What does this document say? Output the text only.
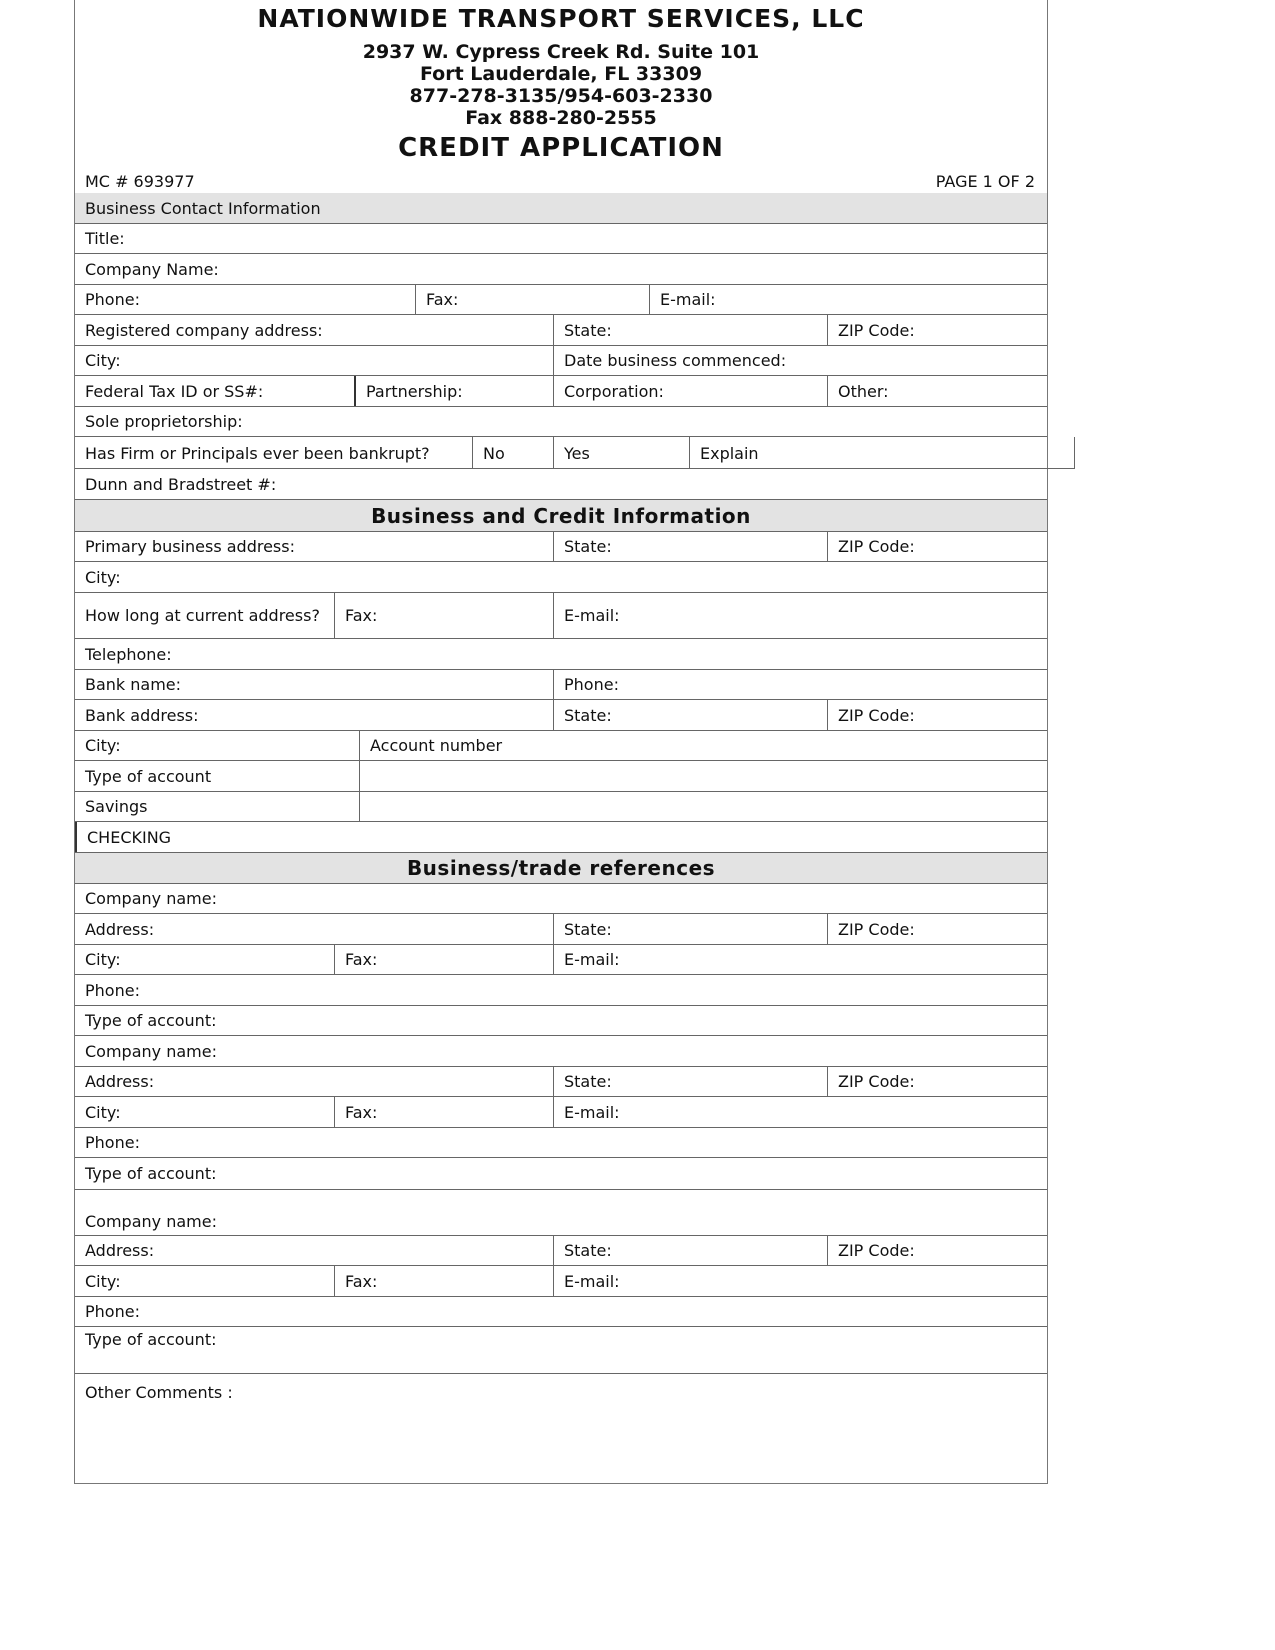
NATIONWIDE TRANSPORT SERVICES, LLC
2937 W. Cypress Creek Rd. Suite 101
Fort Lauderdale, FL 33309
877-278-3135/954-603-2330
Fax 888-280-2555
CREDIT APPLICATION
MC # 693977	PAGE 1 OF 2
Business Contact Information
Title:
Company Name:
Phone:	Fax:	E-mail:
Registered company address:	State:	ZIP Code:
City:	Date business commenced:
Federal Tax ID or SS#:	Partnership:	Corporation:	Other:
Sole proprietorship:
Has Firm or Principals ever been bankrupt?	No	Yes	Explain
Dunn and Bradstreet #:
Business and Credit Information
Primary business address:	State:	ZIP Code:
City:
How long at current address?	Fax:	E-mail:
Telephone:
Bank name:	Phone:
Bank address:	State:	ZIP Code:
City:	Account number
Type of account
Savings
CHECKING
Business/trade references
Company name:
Address:	State:	ZIP Code:
City:	Fax:	E-mail:
Phone:
Type of account:
Company name:
Address:	State:	ZIP Code:
City:	Fax:	E-mail:
Phone:
Type of account:
Company name:
Address:	State:	ZIP Code:
City:	Fax:	E-mail:
Phone:
Type of account:
Other Comments :
